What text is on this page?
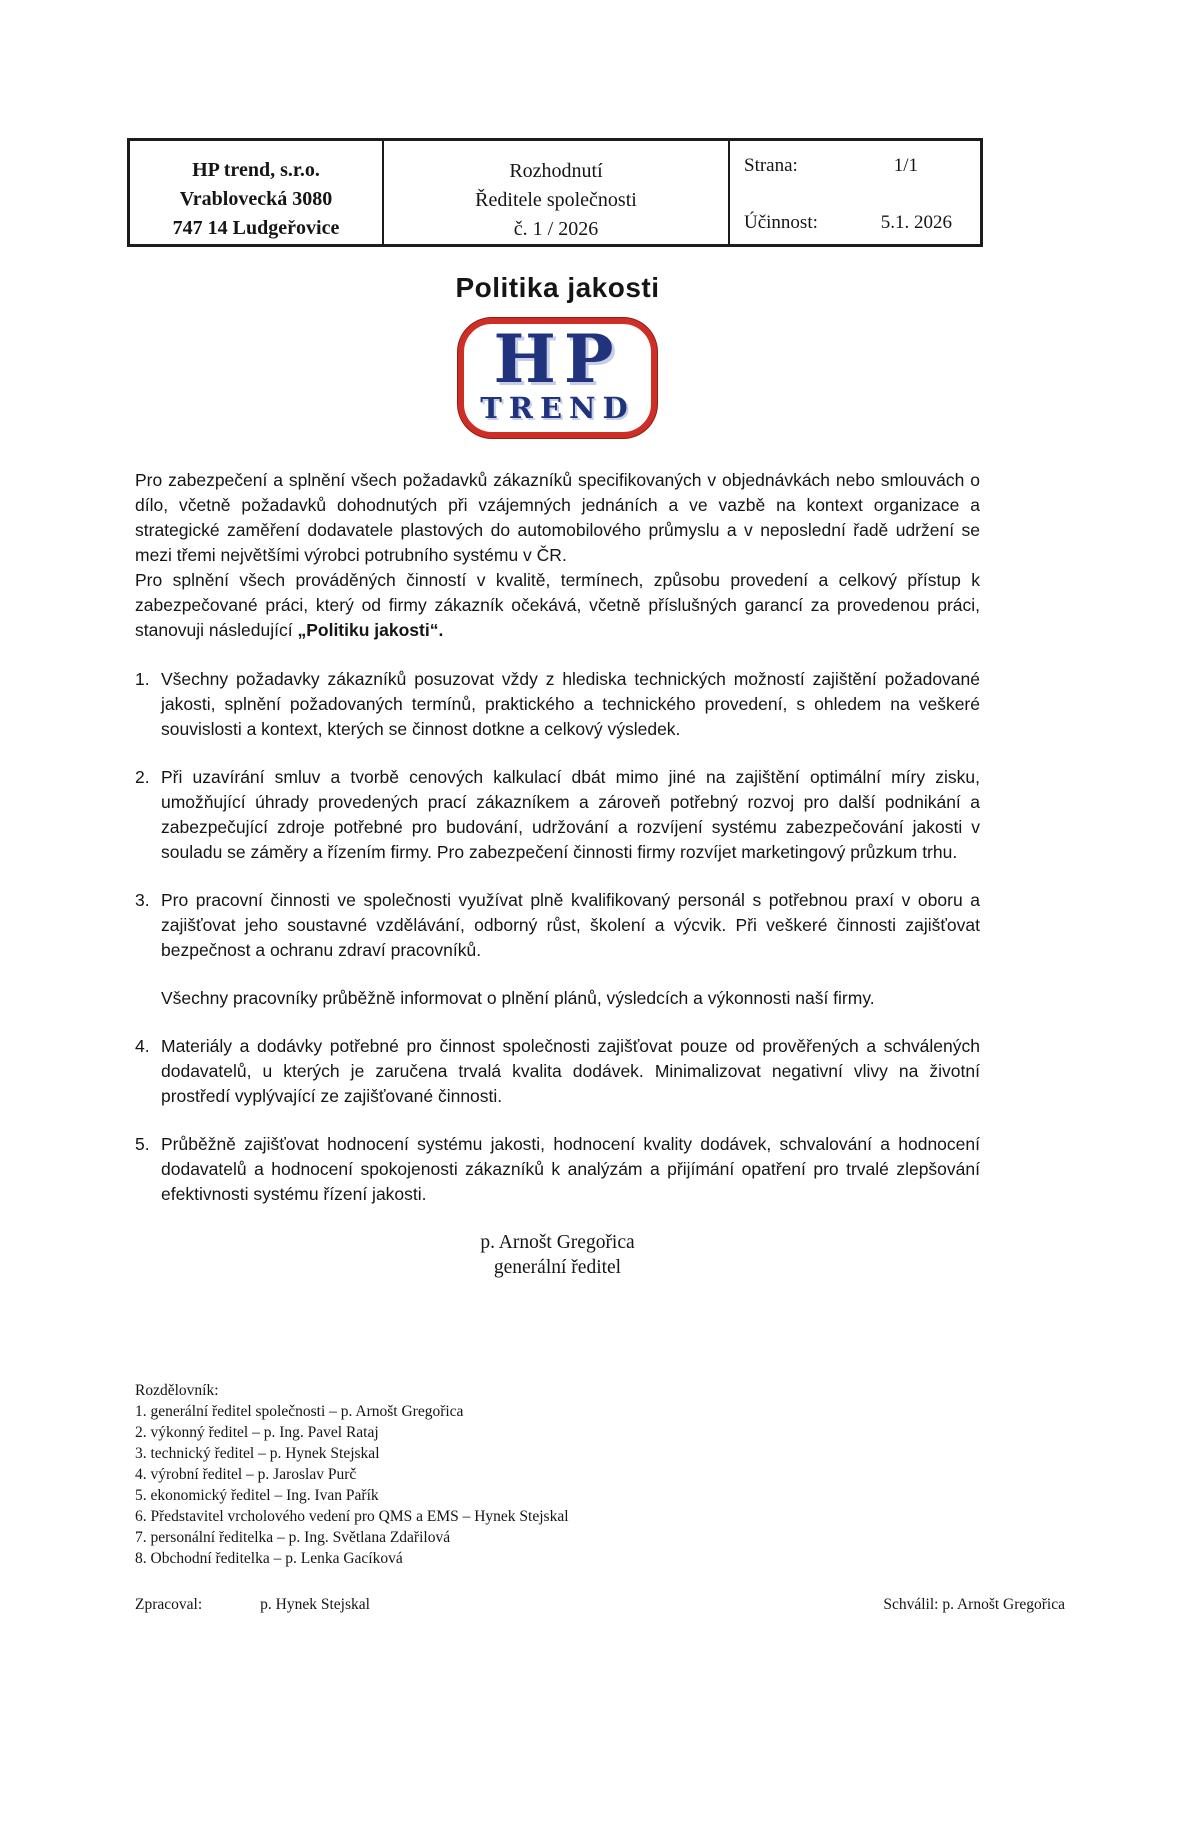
HP trend, s.r.o.
Vrablovecká 3080
747 14 Ludgeřovice
Rozhodnutí
Ředitele společnosti
č. 1 / 2026
Strana:	1/1
Účinnost:	5.1. 2026
Politika jakosti
HP
TREND

Pro zabezpečení a splnění všech požadavků zákazníků specifikovaných v objednávkách nebo smlouvách o dílo, včetně požadavků dohodnutých při vzájemných jednáních a ve vazbě na kontext organizace a strategické zaměření dodavatele plastových do automobilového průmyslu a v neposlední řadě udržení se mezi třemi největšími výrobci potrubního systému v ČR.

Pro splnění všech prováděných činností v kvalitě, termínech, způsobu provedení a celkový přístup k zabezpečované práci, který od firmy zákazník očekává, včetně příslušných garancí za provedenou práci, stanovuji následující „Politiku jakosti“.

1. Všechny požadavky zákazníků posuzovat vždy z hlediska technických možností zajištění požadované jakosti, splnění požadovaných termínů, praktického a technického provedení, s ohledem na veškeré souvislosti a kontext, kterých se činnost dotkne a celkový výsledek.
2. Při uzavírání smluv a tvorbě cenových kalkulací dbát mimo jiné na zajištění optimální míry zisku, umožňující úhrady provedených prací zákazníkem a zároveň potřebný rozvoj pro další podnikání a zabezpečující zdroje potřebné pro budování, udržování a rozvíjení systému zabezpečování jakosti v souladu se záměry a řízením firmy. Pro zabezpečení činnosti firmy rozvíjet marketingový průzkum trhu.
3. Pro pracovní činnosti ve společnosti využívat plně kvalifikovaný personál s potřebnou praxí v oboru a zajišťovat jeho soustavné vzdělávání, odborný růst, školení a výcvik. Při veškeré činnosti zajišťovat bezpečnost a ochranu zdraví pracovníků.

Všechny pracovníky průběžně informovat o plnění plánů, výsledcích a výkonnosti naší firmy.

4. Materiály a dodávky potřebné pro činnost společnosti zajišťovat pouze od prověřených a schválených dodavatelů, u kterých je zaručena trvalá kvalita dodávek. Minimalizovat negativní vlivy na životní prostředí vyplývající ze zajišťované činnosti.
5. Průběžně zajišťovat hodnocení systému jakosti, hodnocení kvality dodávek, schvalování a hodnocení dodavatelů a hodnocení spokojenosti zákazníků k analýzám a přijímání opatření pro trvalé zlepšování efektivnosti systému řízení jakosti.
p. Arnošt Gregořica
generální ředitel
Rozdělovník:
1. generální ředitel společnosti – p. Arnošt Gregořica
2. výkonný ředitel – p. Ing. Pavel Rataj
3. technický ředitel – p. Hynek Stejskal
4. výrobní ředitel – p. Jaroslav Purč
5. ekonomický ředitel – Ing. Ivan Pařík
6. Představitel vrcholového vedení pro QMS a EMS – Hynek Stejskal
7. personální ředitelka – p. Ing. Světlana Zdařilová
8. Obchodní ředitelka – p. Lenka Gacíková
Zpracoval:	p. Hynek Stejskal	Schválil: p. Arnošt Gregořica
